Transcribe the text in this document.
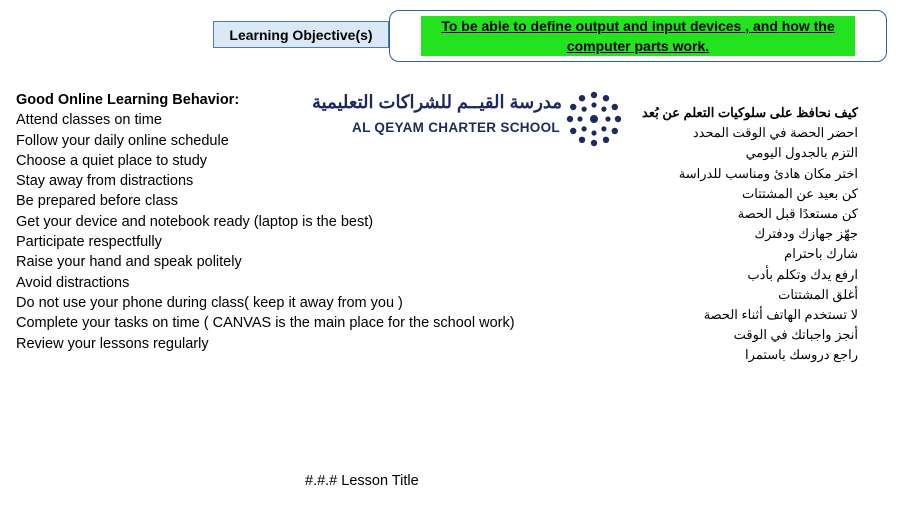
Learning Objective(s)
To be able to define output and input devices , and how the computer parts work.
Good Online Learning Behavior:
Attend classes on time
Follow your daily online schedule
Choose a quiet place to study
Stay away from distractions
Be prepared before class
Get your device and notebook ready (laptop is the best)
Participate respectfully
Raise your hand and speak politely
Avoid distractions
Do not use your phone during class( keep it away from you )
Complete your tasks on time ( CANVAS is the main place for the school work)
Review your lessons regularly
مدرسة القيــم للشراكات التعليمية
AL QEYAM CHARTER SCHOOL
كيف نحافظ على سلوكيات التعلم عن بُعد
احضر الحصة في الوقت المحدد
التزم بالجدول اليومي
اختر مكان هادئ ومناسب للدراسة
كن بعيد عن المشتتات
كن مستعدًا قبل الحصة
جهّز جهازك ودفترك
شارك باحترام
ارفع يدك وتكلم بأدب
أغلق المشتتات
لا تستخدم الهاتف أثناء الحصة
أنجز واجباتك في الوقت
راجع دروسك باستمرا
#.#.# Lesson Title
